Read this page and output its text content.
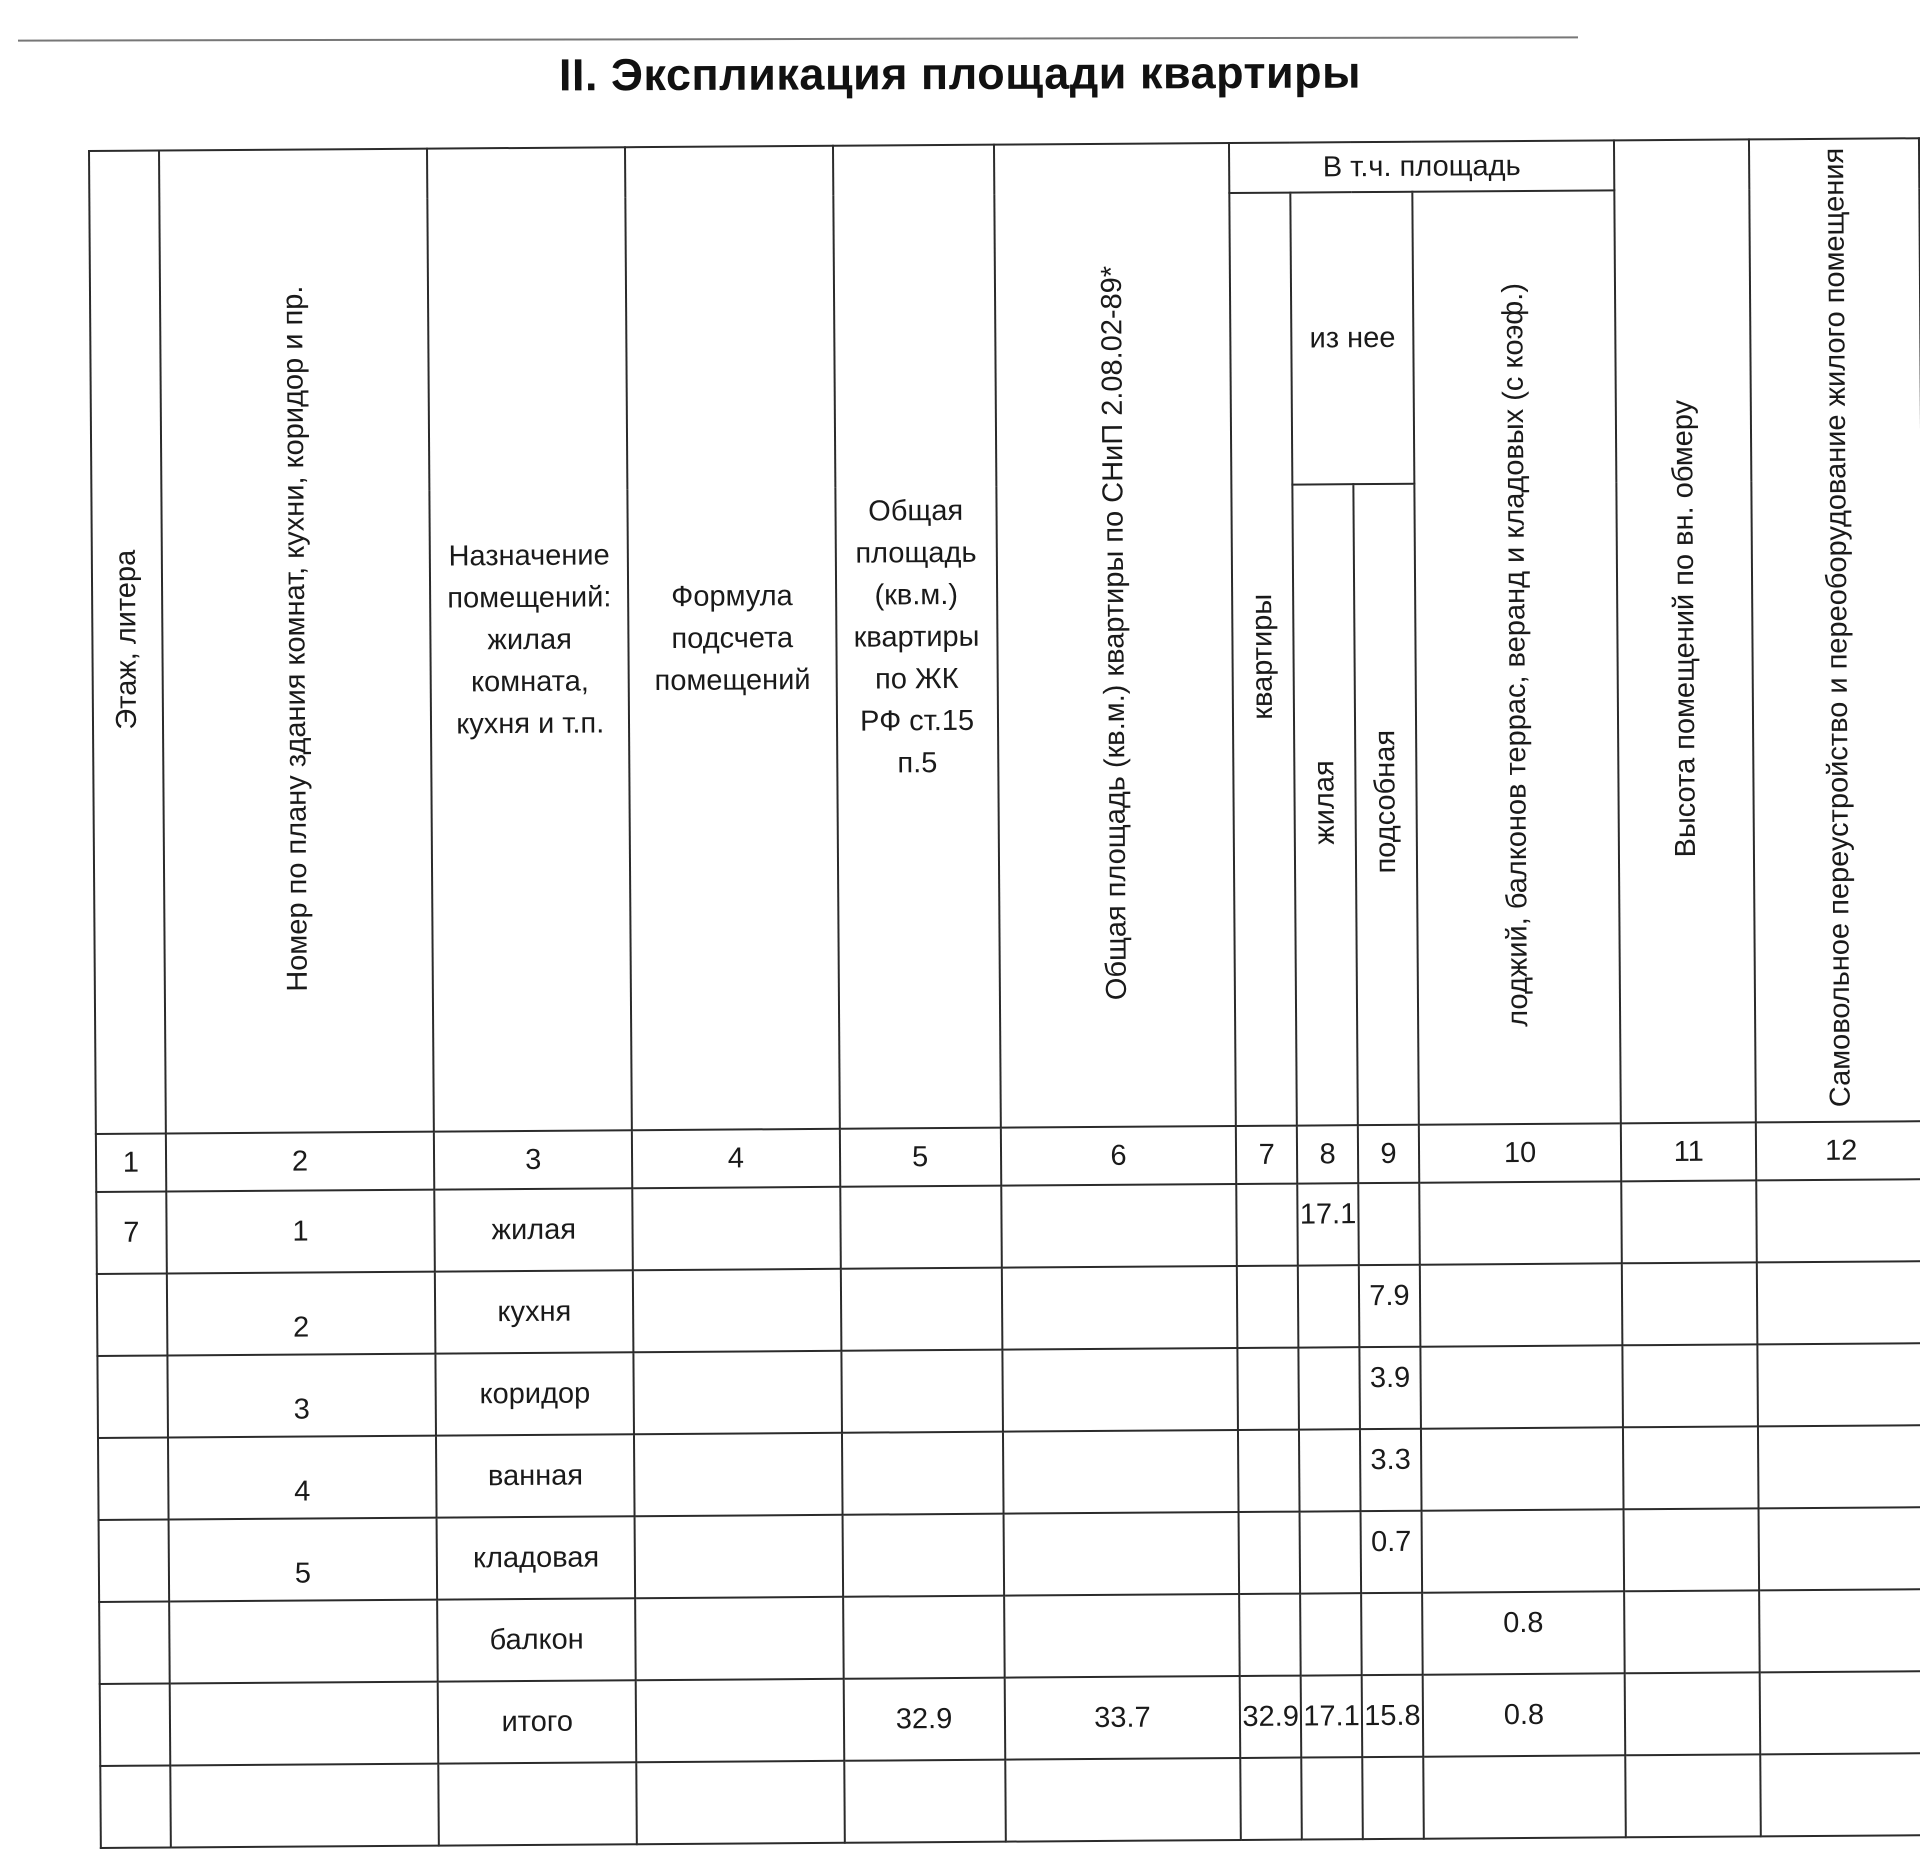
II. Экспликация площади квартиры
Этаж, литера	Номер по плану здания комнат, кухни, коридор и пр.	Назначение помещений: жилая комната, кухня и т.п.	Формула подсчета помещений	Общая площадь (кв.м.) квартиры по ЖК РФ ст.15 п.5	Общая площадь (кв.м.) квартиры по СНиП 2.08.02-89*	В т.ч. площадь				Высота помещений по вн. обмеру	Самовольное переустройство и переоборудование жилого помещения

						квартиры	из нее		лоджий, балконов террас, веранд и кладовых (с коэф.)		

							жилая	подсобная			

1	2	3	4	5	6	7	8	9	10	11	12
7	1	жилая					17.1				
	2	кухня						7.9			
	3	коридор						3.9			
	4	ванная						3.3			
	5	кладовая						0.7			
		балкон							0.8		
		итого		32.9	33.7	32.9	17.1	15.8	0.8		
